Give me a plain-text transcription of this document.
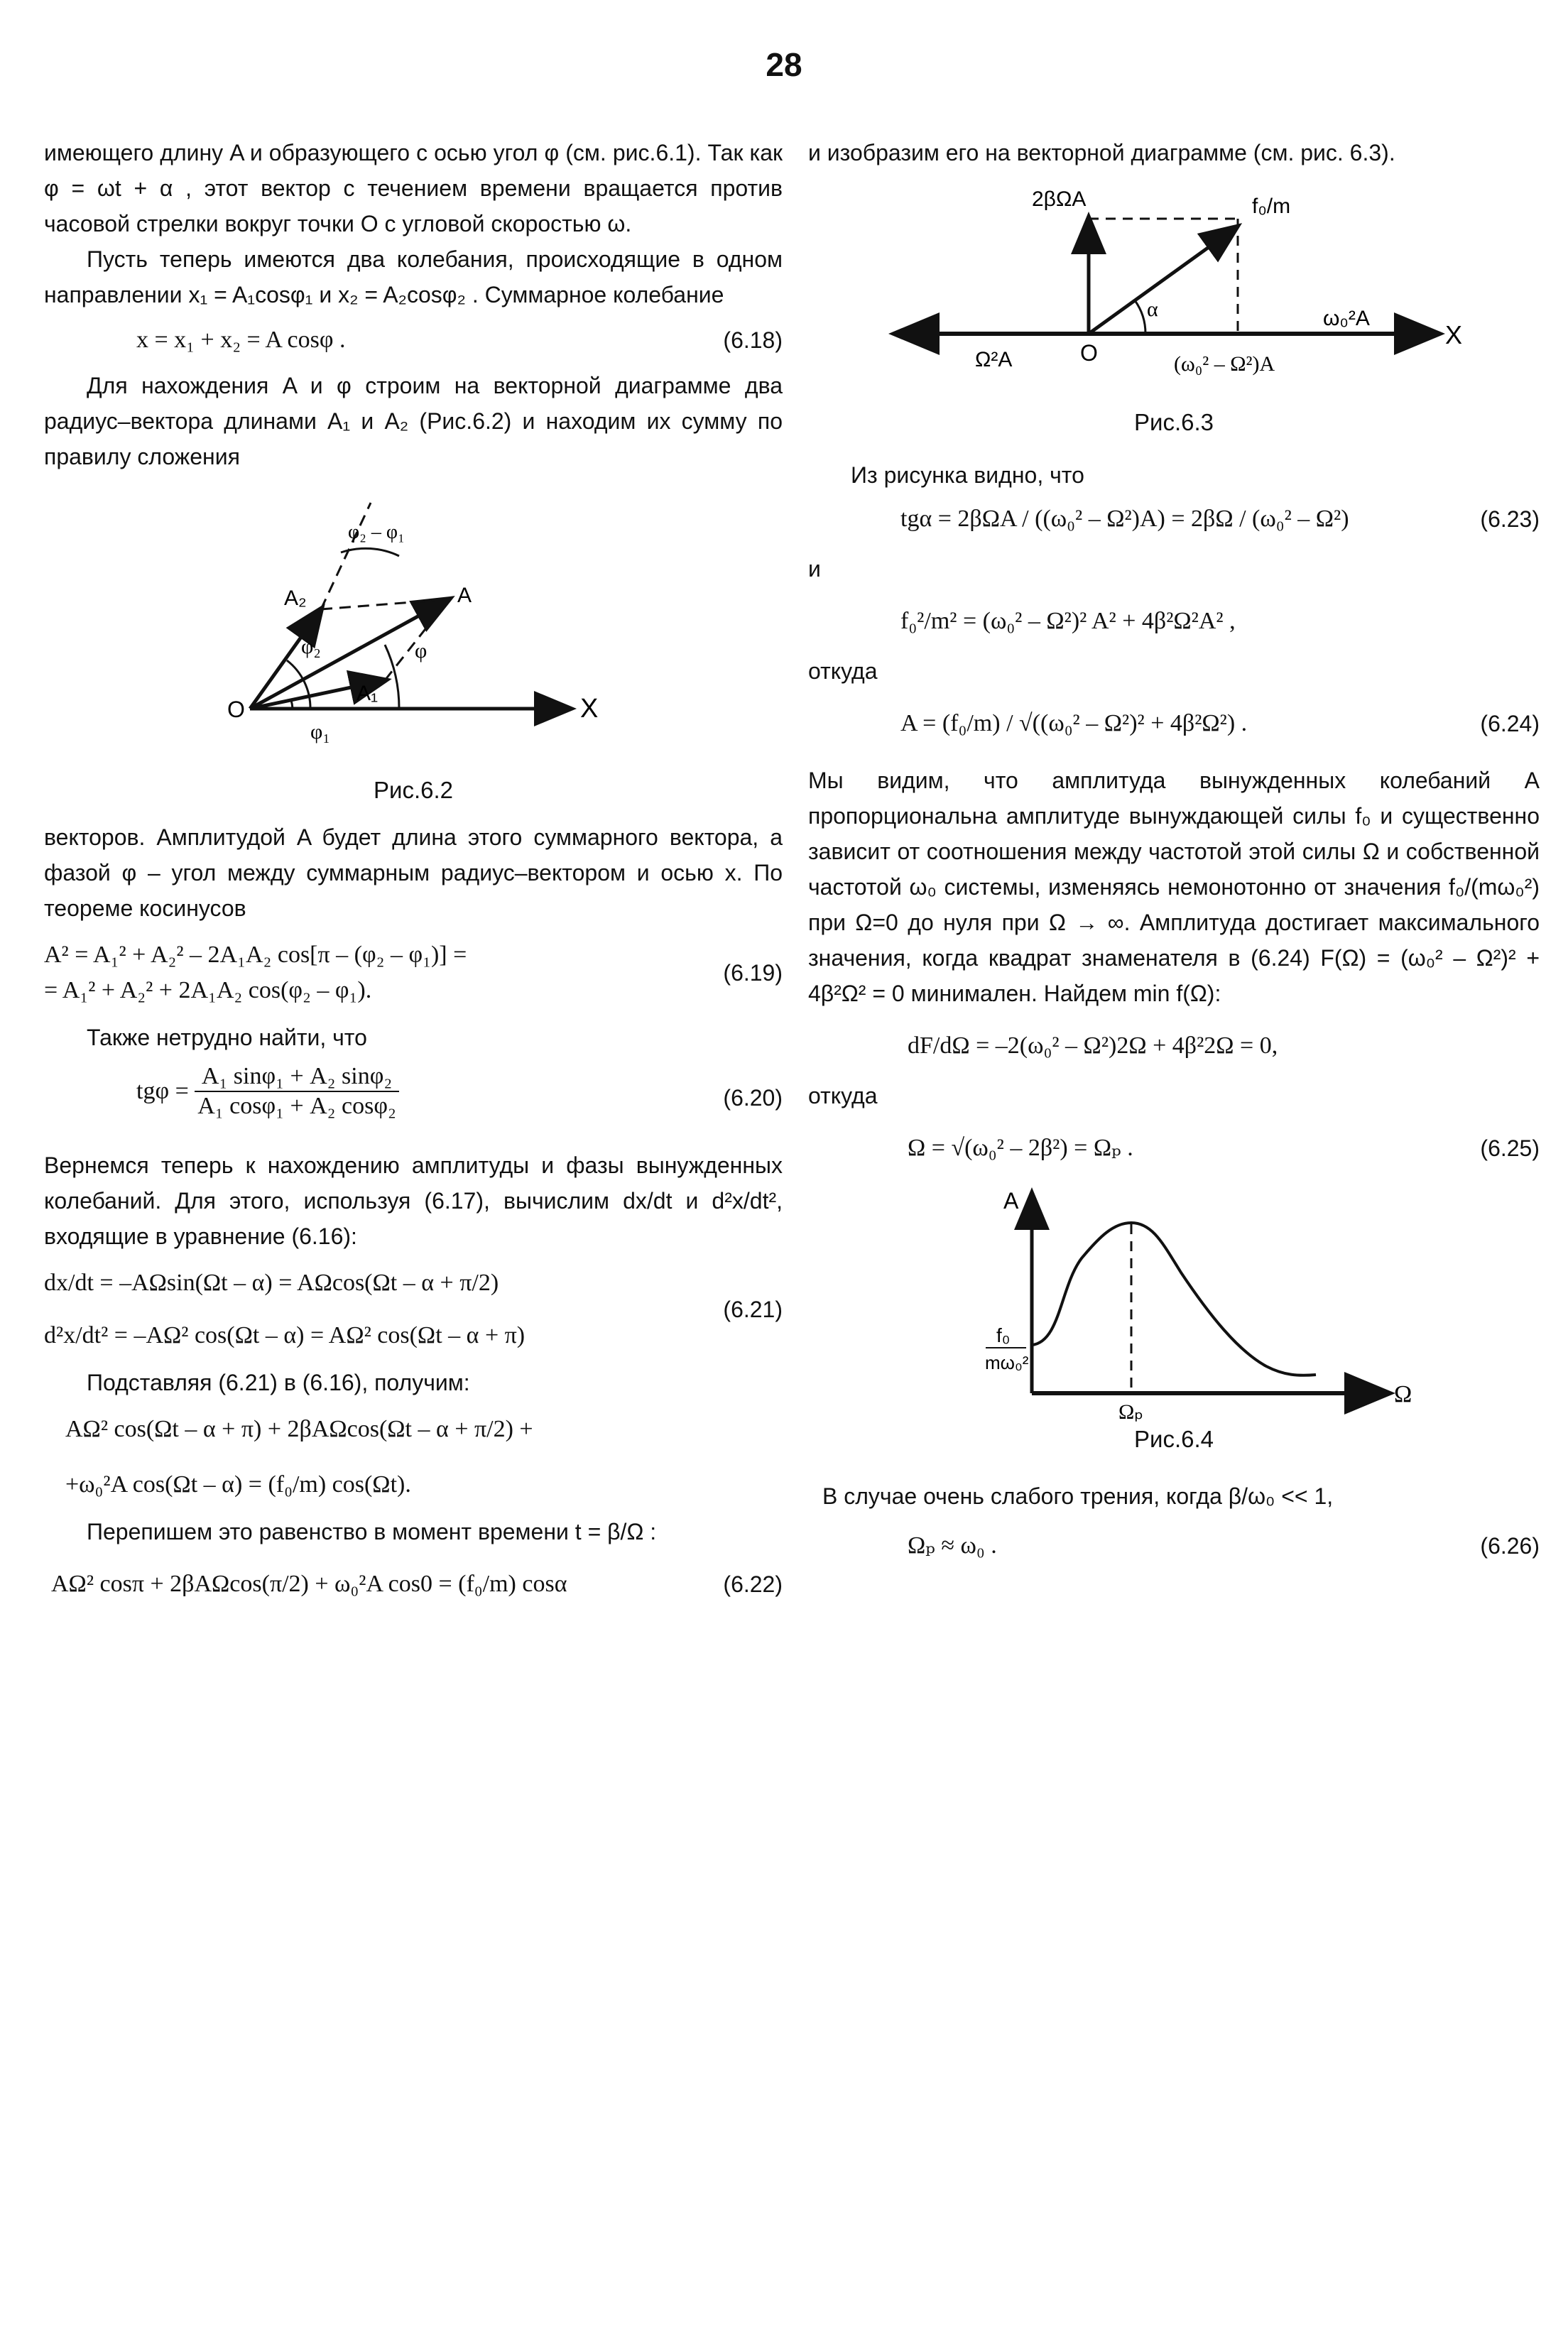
28

имеющего длину A и образующего с осью угол φ (см. рис.6.1). Так как φ = ωt + α , этот вектор с течением времени вращается против часовой стрелки вокруг точки O с угловой скоростью ω.

Пусть теперь имеются два колебания, происходящие в одном направлении x₁ = A₁cosφ₁ и x₂ = A₂cosφ₂ . Суммарное колебание

x = x₁ + x₂ = A cosφ .	(6.18)

Для нахождения A и φ строим на векторной диаграмме два радиус–вектора длинами A₁ и A₂ (Рис.6.2) и находим их сумму по правилу сложения

O	X
A
A₂
A₁
φ
φ₁
φ₂
φ₂ – φ₁

Рис.6.2

векторов. Амплитудой A будет длина этого суммарного вектора, а фазой φ – угол между суммарным радиус–вектором и осью x. По теореме косинусов

A² = A₁² + A₂² – 2A₁A₂ cos[π – (φ₂ – φ₁)] =
= A₁² + A₂² + 2A₁A₂ cos(φ₂ – φ₁).
(6.19)

Также нетрудно найти, что

$tg\varphi = \frac{\text{A₁ sinφ₁ + A₂ sinφ₂}}{\text{A₁ cosφ₁ + A₂ cosφ₂}}$	(6.20)

Вернемся теперь к нахождению амплитуды и фазы вынужденных колебаний. Для этого, используя (6.17), вычислим dx/dt и d²x/dt², входящие в уравнение (6.16):

dx/dt = –AΩsin(Ωt – α) = AΩcos(Ωt – α + π/2)
d²x/dt² = –AΩ² cos(Ωt – α) = AΩ² cos(Ωt – α + π)
(6.21)

Подставляя (6.21) в (6.16), получим:

AΩ² cos(Ωt – α + π) + 2βAΩcos(Ωt – α + π/2) +
+ω₀²A cos(Ωt – α) = (f₀/m) cos(Ωt).

Перепишем это равенство в момент времени t = β/Ω :

AΩ² cosπ + 2βAΩcos(π/2) + ω₀²A cos0 = (f₀/m) cosα	(6.22)

и изобразим его на векторной диаграмме (см. рис. 6.3).

2βΩA	f₀/m
α
O
ω₀²A
X
Ω²A	(ω₀² – Ω²)A

Рис.6.3

Из рисунка видно, что

tgα = 2βΩA / ((ω₀² – Ω²)A) = 2βΩ / (ω₀² – Ω²)	(6.23)

и

f₀²/m² = (ω₀² – Ω²)² A² + 4β²Ω²A² ,

откуда

A = (f₀/m) / √((ω₀² – Ω²)² + 4β²Ω²) .	(6.24)

Мы видим, что амплитуда вынужденных колебаний A пропорциональна амплитуде вынуждающей силы f₀ и существенно зависит от соотношения между частотой этой силы Ω и собственной частотой ω₀ системы, изменяясь немонотонно от значения f₀/(mω₀²) при Ω=0 до нуля при Ω → ∞. Амплитуда достигает максимального значения, когда квадрат знаменателя в (6.24) F(Ω) = (ω₀² – Ω²)² + 4β²Ω² = 0 минимален. Найдем min f(Ω):

dF/dΩ = –2(ω₀² – Ω²)2Ω + 4β²2Ω = 0,

откуда

Ω = √(ω₀² – 2β²) = Ωₚ .	(6.25)
A
f₀
mω₀²
Ω
Ωₚ

Рис.6.4

В случае очень слабого трения, когда β/ω₀ << 1,

Ωₚ ≈ ω₀ .	(6.26)
